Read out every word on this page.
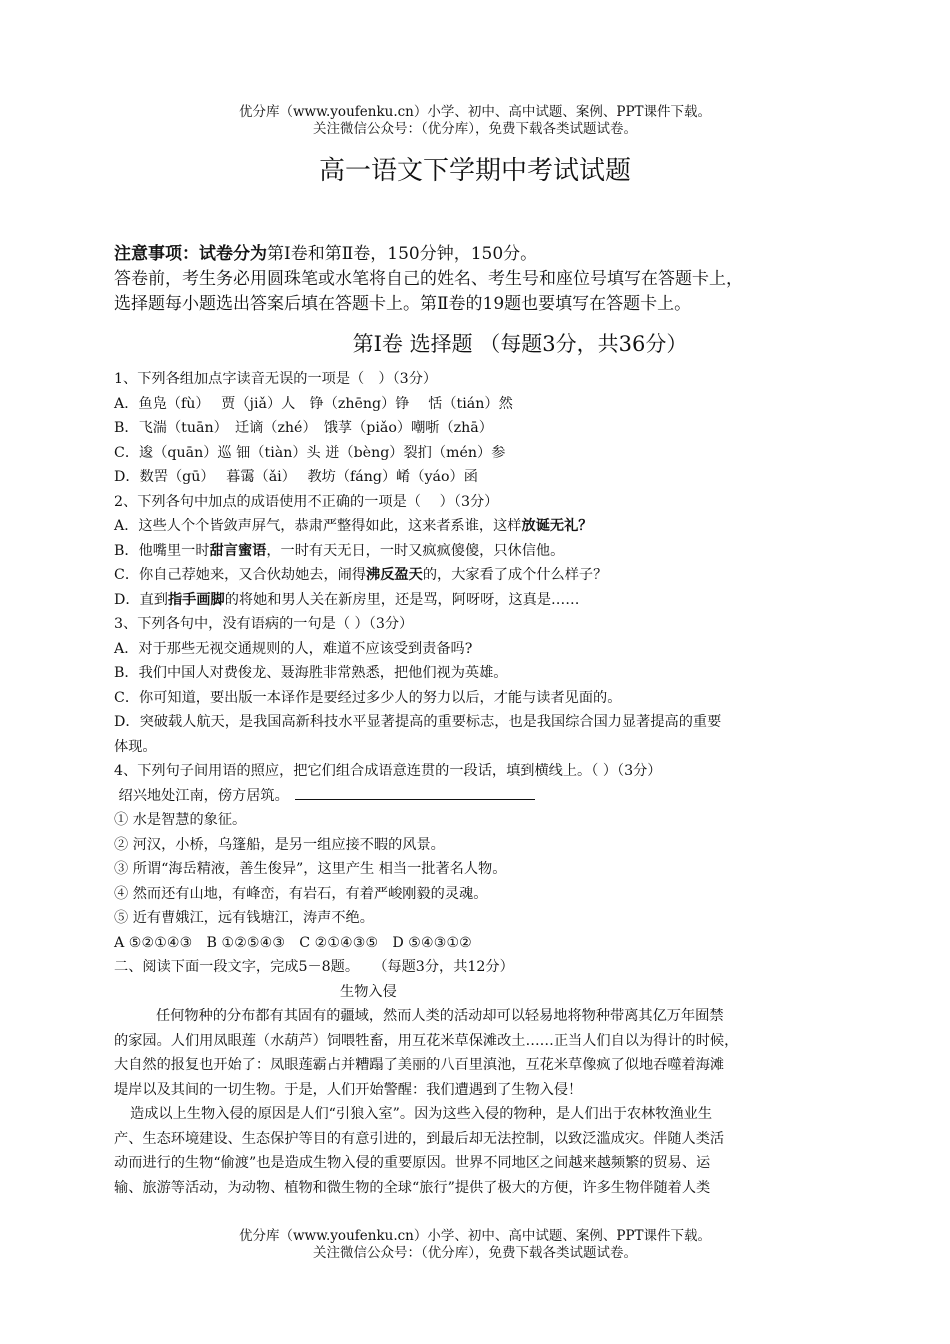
优分库（www.youfenku.cn）小学、初中、高中试题、案例、PPT课件下载。
关注微信公众号：（优分库），免费下载各类试题试卷。
高一语文下学期中考试试题
注意事项：试卷分为第Ⅰ卷和第Ⅱ卷，150分钟，150分。
答卷前，考生务必用圆珠笔或水笔将自己的姓名、考生号和座位号填写在答题卡上，
选择题每小题选出答案后填在答题卡上。第Ⅱ卷的19题也要填写在答题卡上。
第Ⅰ卷 选择题 （每题3分，共36分）
1、下列各组加点字读音无误的一项是（　）（3分）
A．鱼凫（fù）　 贾（jiǎ）人　铮（zhēng）铮　 恬（tián）然
B．飞湍（tuān）　迁谪（zhé）　饿莩（piǎo）嘲哳（zhā）
C．逡（quān）巡 钿（tiàn）头 迸（bèng）裂扪（mén）参
D．数罟（gū）　 暮霭（ǎi）　 教坊（fáng）崤（yáo）函
2、下列各句中加点的成语使用不正确的一项是（　 ）（3分）
A．这些人个个皆敛声屏气，恭肃严整得如此，这来者系谁，这样放诞无礼？
B．他嘴里一时甜言蜜语，一时有天无日，一时又疯疯傻傻，只休信他。
C．你自己荐她来，又合伙劫她去，闹得沸反盈天的，大家看了成个什么样子？
D．直到指手画脚的将她和男人关在新房里，还是骂，阿呀呀，这真是……
3、下列各句中，没有语病的一句是（ ）（3分）
A．对于那些无视交通规则的人，难道不应该受到责备吗?
B．我们中国人对费俊龙、聂海胜非常熟悉，把他们视为英雄。
C．你可知道，要出版一本译作是要经过多少人的努力以后，才能与读者见面的。
D．突破载人航天，是我国高新科技水平显著提高的重要标志，也是我国综合国力显著提高的重要
体现。
4、下列句子间用语的照应，把它们组合成语意连贯的一段话，填到横线上。（ ）（3分）
绍兴地处江南，傍方居筑。
① 水是智慧的象征。
② 河汉，小桥，乌篷船，是另一组应接不暇的风景。
③ 所谓“海岳精液，善生俊异”，这里产生 相当一批著名人物。
④ 然而还有山地，有峰峦，有岩石，有着严峻刚毅的灵魂。
⑤ 近有曹娥江，远有钱塘江，涛声不绝。
A ⑤②①④③　B ①②⑤④③　C ②①④③⑤　D ⑤④③①②
二、阅读下面一段文字，完成5－8题。　　（每题3分，共12分）
生物入侵
任何物种的分布都有其固有的疆域，然而人类的活动却可以轻易地将物种带离其亿万年囿禁
的家园。人们用凤眼莲（水葫芦）饲喂牲畜，用互花米草保滩改土……正当人们自以为得计的时候，
大自然的报复也开始了：凤眼莲霸占并糟蹋了美丽的八百里滇池，互花米草像疯了似地吞噬着海滩
堤岸以及其间的一切生物。于是，人们开始警醒：我们遭遇到了生物入侵！
造成以上生物入侵的原因是人们“引狼入室”。因为这些入侵的物种，是人们出于农林牧渔业生
产、生态环境建设、生态保护等目的有意引进的，到最后却无法控制，以致泛滥成灾。伴随人类活
动而进行的生物“偷渡”也是造成生物入侵的重要原因。世界不同地区之间越来越频繁的贸易、运
输、旅游等活动，为动物、植物和微生物的全球“旅行”提供了极大的方便，许多生物伴随着人类
优分库（www.youfenku.cn）小学、初中、高中试题、案例、PPT课件下载。
关注微信公众号：（优分库），免费下载各类试题试卷。
